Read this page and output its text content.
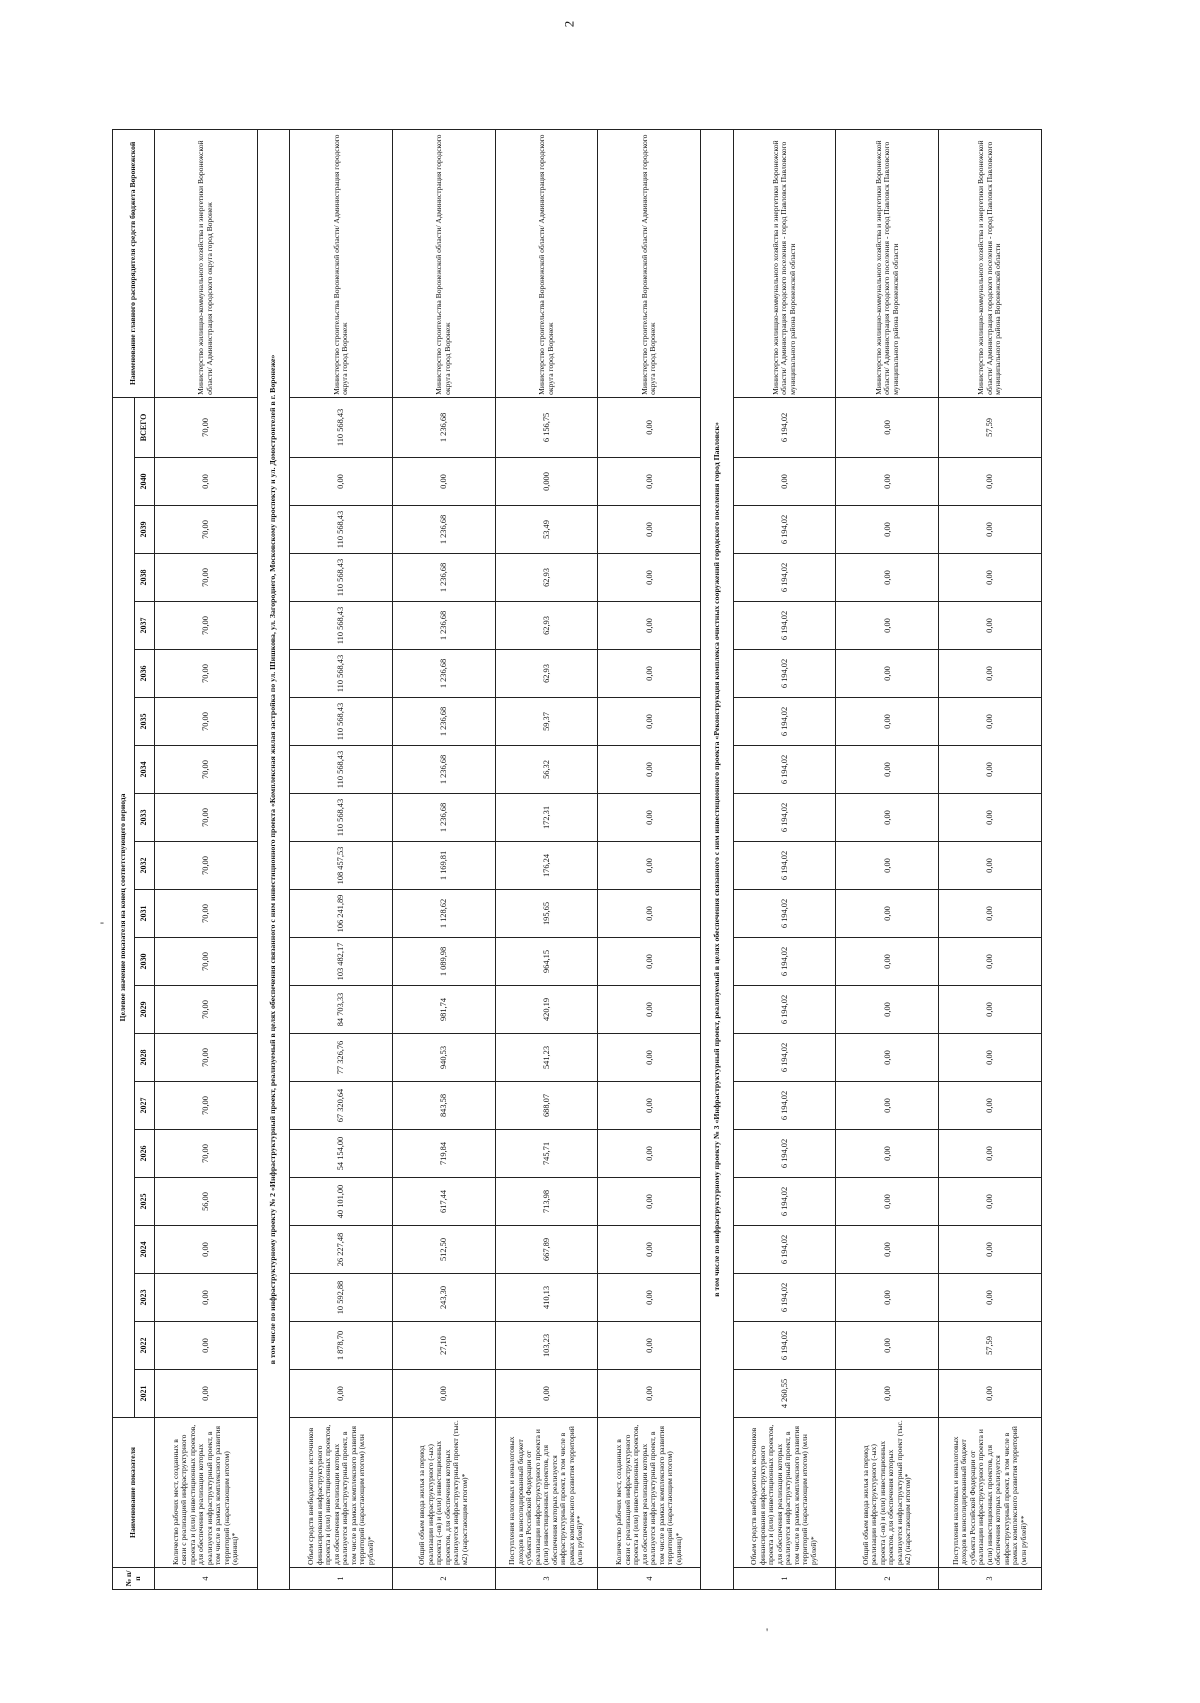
2
-
'
№ п/п	Наименование показателя	Целевое значение показателя на конец соответствующего периода																					Наименование главного распорядителя средств бюджета Воронежской
		2021	2022	2023	2024	2025	2026	2027	2028	2029	2030	2031	2032	2033	2034	2035	2036	2037	2038	2039	2040	ВСЕГО	
4	Количество рабочих мест, созданных в связи с реализацией инфраструктурного проекта и (или) инвестиционных проектов, для обеспечения реализации которых реализуется инфраструктурный проект, в том числе в рамках комплексного развития территорий (нарастающим итогом) (единиц)*	0,00	0,00	0,00	0,00	56,00	70,00	70,00	70,00	70,00	70,00	70,00	70,00	70,00	70,00	70,00	70,00	70,00	70,00	70,00	0,00	70,00	Министерство жилищно-коммунального хозяйства и энергетики Воронежской области/ Администрация городского округа город Воронеж
в том числе по инфраструктурному проекту № 2 «Инфраструктурный проект, реализуемый в целях обеспечения связанного с ним инвестиционного проекта «Комплексная жилая застройка по ул. Шишкова, ул. Загороднего, Московскому проспекту и ул. Домостроителей в г. Воронеже»																							
1	Объем средств внебюджетных источников финансирования инфраструктурного проекта и (или) инвестиционных проектов, для обеспечения реализации которых реализуется инфраструктурный проект, в том числе в рамках комплексного развития территорий (нарастающим итогом) (млн рублей)*	0,00	1 878,70	10 592,88	26 227,48	40 101,00	54 154,00	67 320,64	77 326,76	84 703,33	103 482,17	106 241,89	108 457,53	110 568,43	110 568,43	110 568,43	110 568,43	110 568,43	110 568,43	110 568,43	0,00	110 568,43	Министерство строительства Воронежской области/ Администрация городского округа город Воронеж
2	Общий объем ввода жилья за период реализации инфраструктурного (-ых) проекта (-ов) и (или) инвестиционных проектов, для обеспечения которых реализуется инфраструктурный проект (тыс. м2) (нарастающим итогом)*	0,00	27,10	243,30	512,50	617,44	719,84	843,58	940,53	981,74	1 089,98	1 128,62	1 169,81	1 236,68	1 236,68	1 236,68	1 236,68	1 236,68	1 236,68	1 236,68	0,00	1 236,68	Министерство строительства Воронежской области/ Администрация городского округа город Воронеж
3	Поступления налоговых и неналоговых доходов в консолидированный бюджет субъекта Российской Федерации от реализации инфраструктурного проекта и (или) инвестиционных проектов, для обеспечения которых реализуется инфраструктурный проект, в том числе в рамках комплексного развития территорий (млн рублей)**	0,00	103,23	410,13	667,89	713,98	745,71	688,07	541,23	420,19	964,15	195,65	176,24	172,31	56,32	59,37	62,93	62,93	62,93	53,49	0,000	6 156,75	Министерство строительства Воронежской области/ Администрация городского округа город Воронеж
4	Количество рабочих мест, созданных в связи с реализацией инфраструктурного проекта и (или) инвестиционных проектов, для обеспечения реализации которых реализуется инфраструктурный проект, в том числе в рамках комплексного развития территорий (нарастающим итогом) (единиц)*	0,00	0,00	0,00	0,00	0,00	0,00	0,00	0,00	0,00	0,00	0,00	0,00	0,00	0,00	0,00	0,00	0,00	0,00	0,00	0,00	0,00	Министерство строительства Воронежской области/ Администрация городского округа город Воронеж
в том числе по инфраструктурному проекту № 3 «Инфраструктурный проект, реализуемый в целях обеспечения связанного с ним инвестиционного проекта «Реконструкция комплекса очистных сооружений городского поселения город Павловск»																							
1	Объем средств внебюджетных источников финансирования инфраструктурного проекта и (или) инвестиционных проектов, для обеспечения реализации которых реализуется инфраструктурный проект, в том числе в рамках комплексного развития территорий (нарастающим итогом) (млн рублей)*	4 260,55	6 194,02	6 194,02	6 194,02	6 194,02	6 194,02	6 194,02	6 194,02	6 194,02	6 194,02	6 194,02	6 194,02	6 194,02	6 194,02	6 194,02	6 194,02	6 194,02	6 194,02	6 194,02	0,00	6 194,02	Министерство жилищно-коммунального хозяйства и энергетики Воронежской области/ Администрация городского поселения - город Павловск Павловского муниципального района Воронежской области
2	Общий объем ввода жилья за период реализации инфраструктурного (-ых) проекта (-ов) и (или) инвестиционных проектов, для обеспечения которых реализуется инфраструктурный проект (тыс. м2) (нарастающим итогом)*	0,00	0,00	0,00	0,00	0,00	0,00	0,00	0,00	0,00	0,00	0,00	0,00	0,00	0,00	0,00	0,00	0,00	0,00	0,00	0,00	0,00	Министерство жилищно-коммунального хозяйства и энергетики Воронежской области/ Администрация городского поселения - город Павловск Павловского муниципального района Воронежской области
3	Поступления налоговых и неналоговых доходов в консолидированный бюджет субъекта Российской Федерации от реализации инфраструктурного проекта и (или) инвестиционных проектов, для обеспечения которых реализуется инфраструктурный проект, в том числе в рамках комплексного развития территорий (млн рублей)**	0,00	57,59	0,00	0,00	0,00	0,00	0,00	0,00	0,00	0,00	0,00	0,00	0,00	0,00	0,00	0,00	0,00	0,00	0,00	0,00	57,59	Министерство жилищно-коммунального хозяйства и энергетики Воронежской области/ Администрация городского поселения - город Павловск Павловского муниципального района Воронежской области
